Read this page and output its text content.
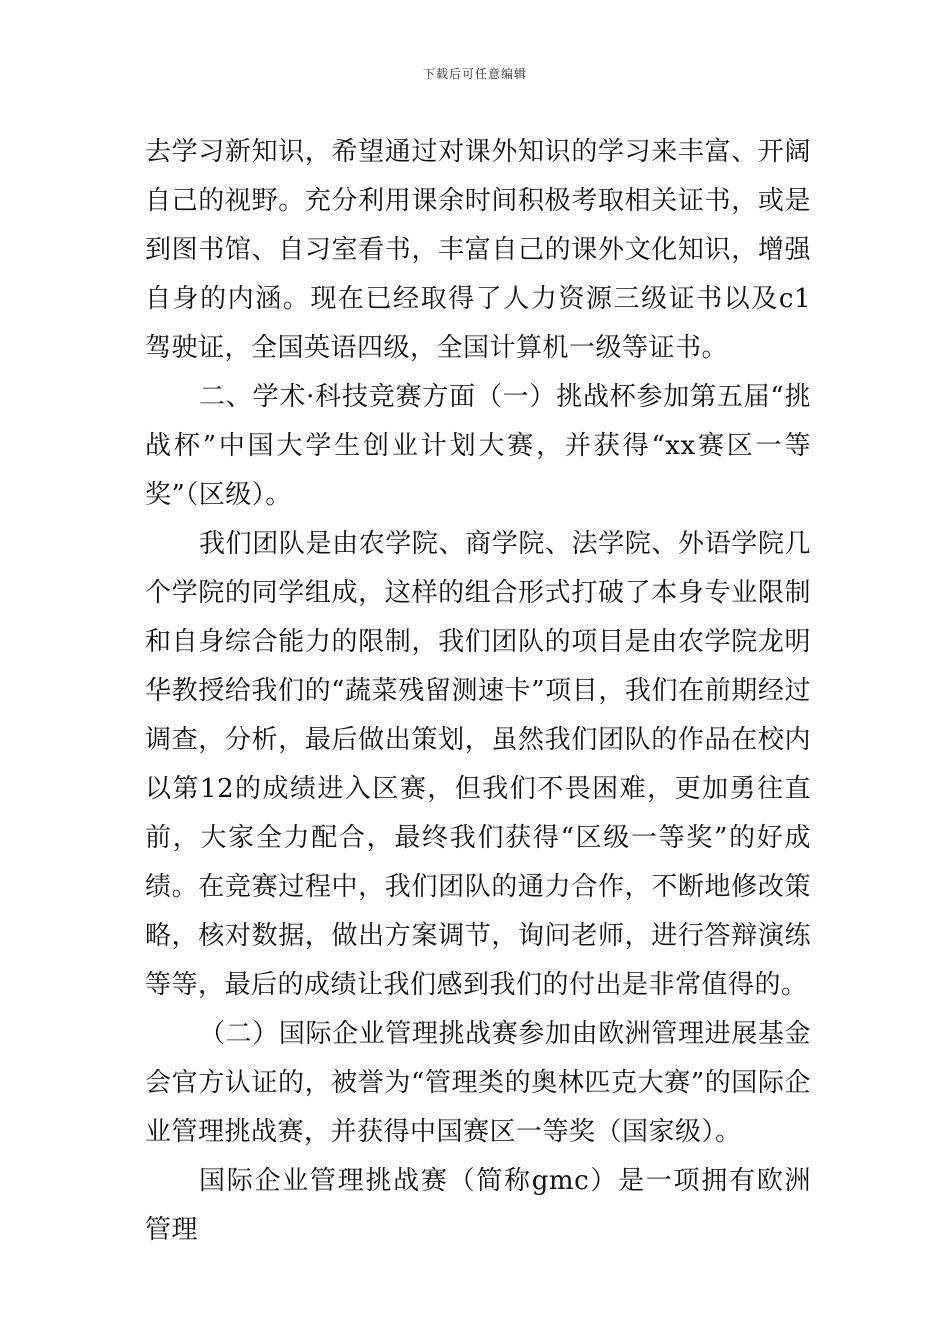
下载后可任意编辑

去学习新知识，希望通过对课外知识的学习来丰富、开阔自己的视野。充分利用课余时间积极考取相关证书，或是到图书馆、自习室看书，丰富自己的课外文化知识，增强自身的内涵。现在已经取得了人力资源三级证书以及c1驾驶证，全国英语四级，全国计算机一级等证书。

二、学术·科技竞赛方面（一）挑战杯参加第五届“挑战杯”中国大学生创业计划大赛，并获得“xx赛区一等奖”（区级）。

我们团队是由农学院、商学院、法学院、外语学院几个学院的同学组成，这样的组合形式打破了本身专业限制和自身综合能力的限制，我们团队的项目是由农学院龙明华教授给我们的“蔬菜残留测速卡”项目，我们在前期经过调查，分析，最后做出策划，虽然我们团队的作品在校内以第12的成绩进入区赛，但我们不畏困难，更加勇往直前，大家全力配合，最终我们获得“区级一等奖”的好成绩。在竞赛过程中，我们团队的通力合作，不断地修改策略，核对数据，做出方案调节，询问老师，进行答辩演练等等，最后的成绩让我们感到我们的付出是非常值得的。

（二）国际企业管理挑战赛参加由欧洲管理进展基金会官方认证的，被誉为“管理类的奥林匹克大赛”的国际企业管理挑战赛，并获得中国赛区一等奖（国家级）。

国际企业管理挑战赛（简称gmc）是一项拥有欧洲管理
